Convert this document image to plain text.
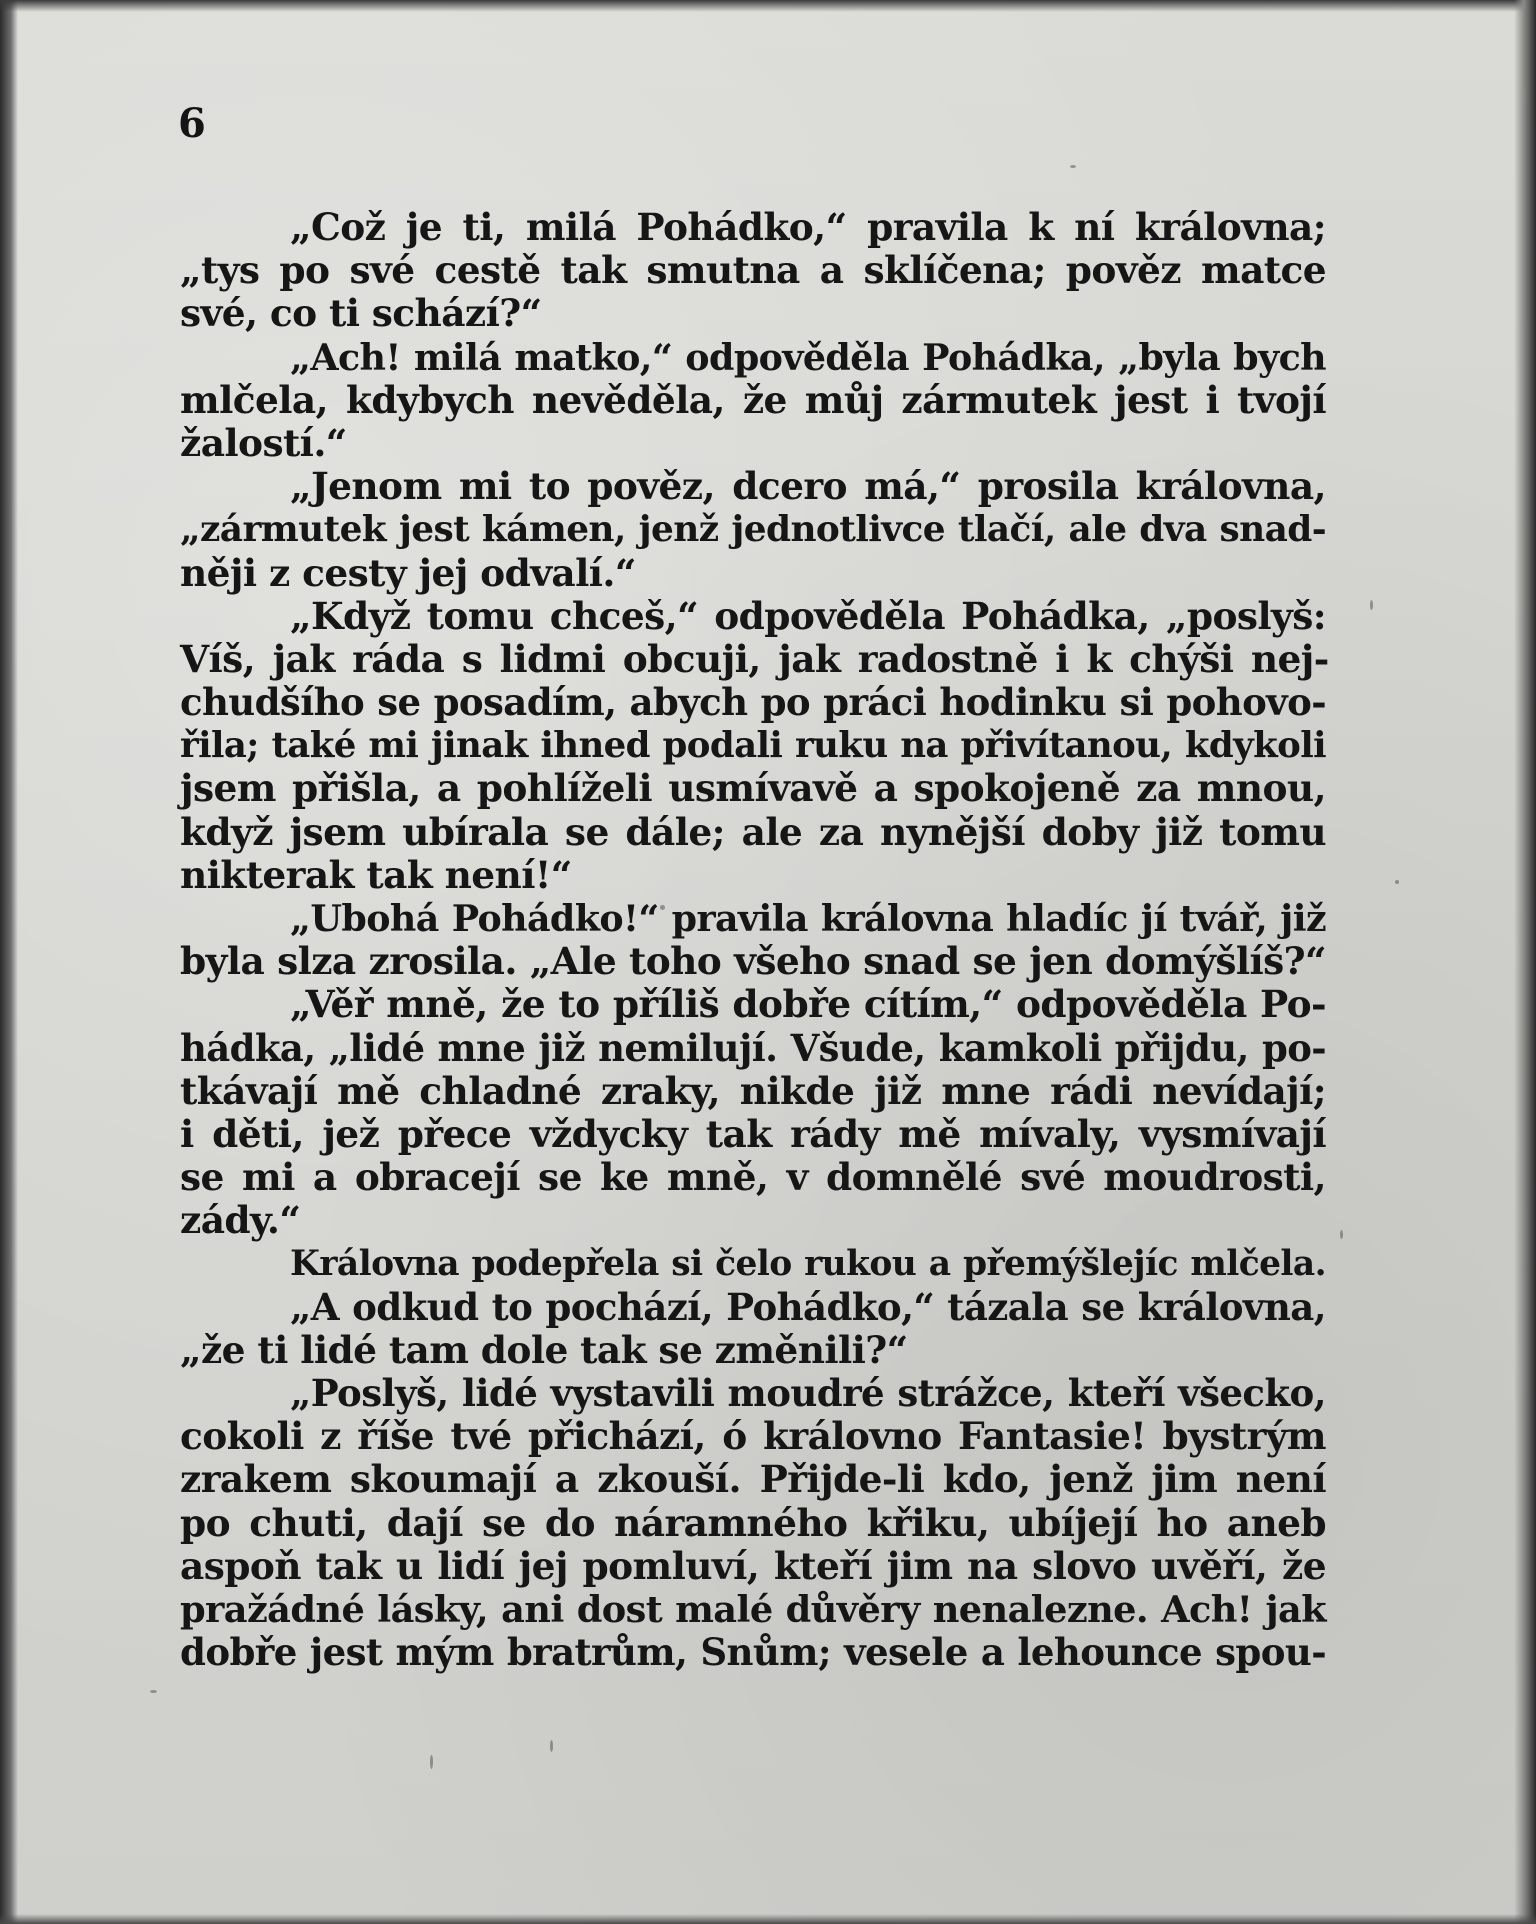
6
„Což je ti, milá Pohádko,“ pravila k ní královna;
„tys po své cestě tak smutna a sklíčena; pověz matce
své, co ti schází?“
„Ach! milá matko,“ odpověděla Pohádka, „byla bych
mlčela, kdybych nevěděla, že můj zármutek jest i tvojí
žalostí.“
„Jenom mi to pověz, dcero má,“ prosila královna,
„zármutek jest kámen, jenž jednotlivce tlačí, ale dva snad-
něji z cesty jej odvalí.“
„Když tomu chceš,“ odpověděla Pohádka, „poslyš:
Víš, jak ráda s lidmi obcuji, jak radostně i k chýši nej-
chudšího se posadím, abych po práci hodinku si pohovo-
řila; také mi jinak ihned podali ruku na přivítanou, kdykoli
jsem přišla, a pohlíželi usmívavě a spokojeně za mnou,
když jsem ubírala se dále; ale za nynější doby již tomu
nikterak tak není!“
„Ubohá Pohádko!“ pravila královna hladíc jí tvář, již
byla slza zrosila. „Ale toho všeho snad se jen domýšlíš?“
„Věř mně, že to příliš dobře cítím,“ odpověděla Po-
hádka, „lidé mne již nemilují. Všude, kamkoli přijdu, po-
tkávají mě chladné zraky, nikde již mne rádi nevídají;
i děti, jež přece vždycky tak rády mě mívaly, vysmívají
se mi a obracejí se ke mně, v domnělé své moudrosti,
zády.“
Královna podepřela si čelo rukou a přemýšlejíc mlčela.
„A odkud to pochází, Pohádko,“ tázala se královna,
„že ti lidé tam dole tak se změnili?“
„Poslyš, lidé vystavili moudré strážce, kteří všecko,
cokoli z říše tvé přichází, ó královno Fantasie! bystrým
zrakem skoumají a zkouší. Přijde-li kdo, jenž jim není
po chuti, dají se do náramného křiku, ubíjejí ho aneb
aspoň tak u lidí jej pomluví, kteří jim na slovo uvěří, že
pražádné lásky, ani dost malé důvěry nenalezne. Ach! jak
dobře jest mým bratrům, Snům; vesele a lehounce spou-
